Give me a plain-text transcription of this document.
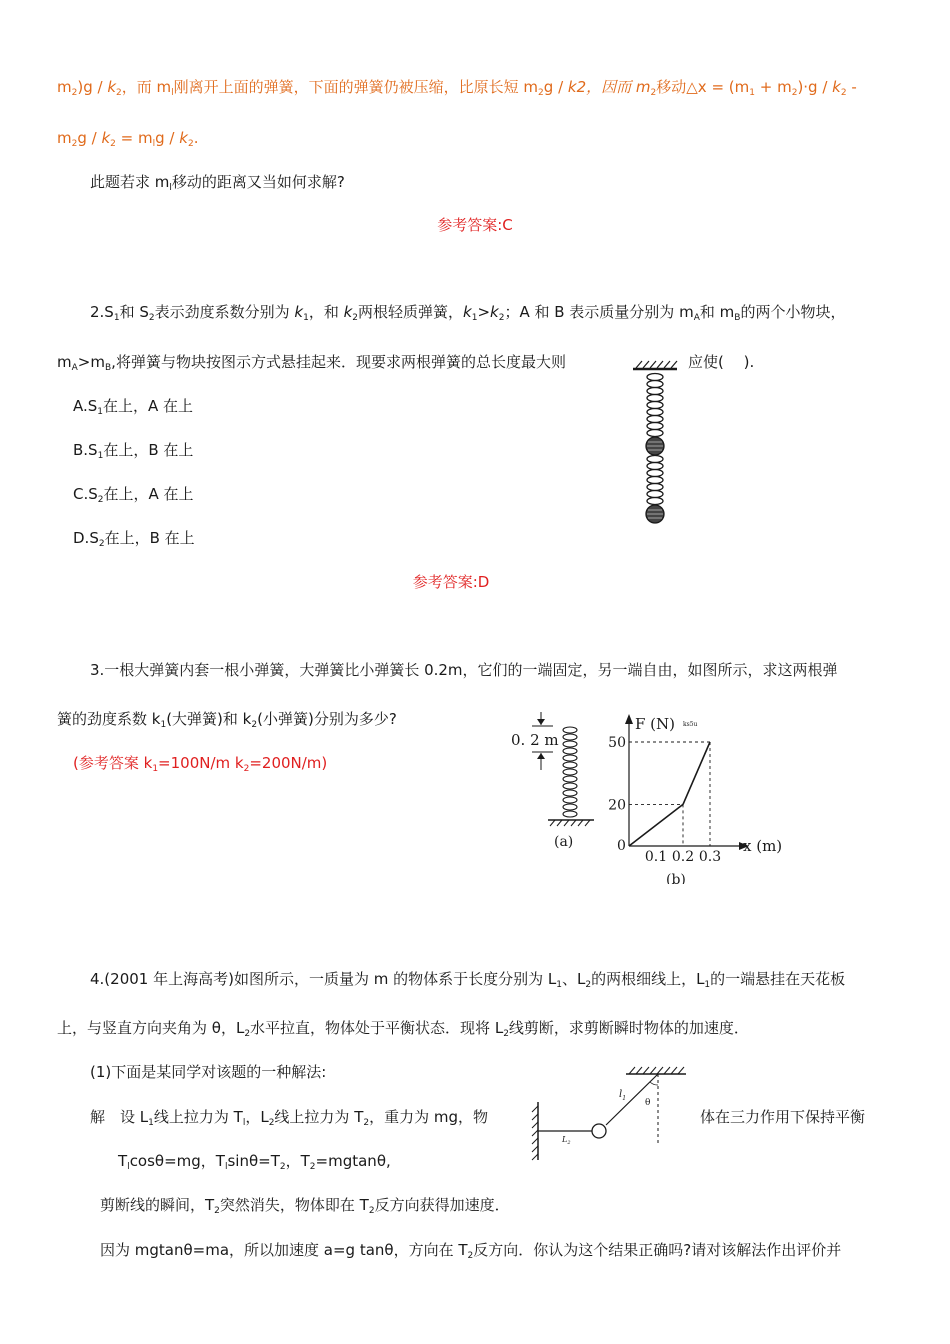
$m_2)g / k_2$，而 $m_l$刚离开上面的弹簧，下面的弹簧仍被压缩，比原长短 $m_2g / k2$，因而 $m_2$移动△x = $(m_1 + m_2)\cdot g / k_2$ -
$m_2g / k_2 = m_lg / k_2$.
此题若求 $m_l$移动的距离又当如何求解?
参考答案:C
$2.S_1$和 $S_2$表示劲度系数分别为 $k_1$，和 $k_2$两根轻质弹簧，$k_1>k_2$；A 和 B 表示质量分别为 $m_A$和 $m_B$的两个小物块，
$m_A>m_B$,将弹簧与物块按图示方式悬挂起来．现要求两根弹簧的总长度最大则	应使(　 ).
$A.S_1$在上，A 在上
$B.S_1$在上，B 在上
$C.S_2$在上，A 在上
$D.S_2$在上，B 在上
参考答案:D
3.一根大弹簧内套一根小弹簧，大弹簧比小弹簧长 0.2m，它们的一端固定，另一端自由，如图所示，求这两根弹
簧的劲度系数 $k_1$(大弹簧)和 $k_2$(小弹簧)分别为多少?
(参考答案 $k_1=100N/m$ $k_2=200N/m$)
0. 2 m
(a)
F (N) ks5u
x (m)
0
(b)
0.1 0.2 0.3
20
50
4.(2001 年上海高考)如图所示，一质量为 m 的物体系于长度分别为 $L_1$、$L_2$的两根细线上，$L_1$的一端悬挂在天花板
上，与竖直方向夹角为 θ，$L_2$水平拉直，物体处于平衡状态．现将 $L_2$线剪断，求剪断瞬时物体的加速度．
(1)下面是某同学对该题的一种解法:
解　设 $L_1$线上拉力为 $T_l$，$L_2$线上拉力为 $T_2$，重力为 mg，物	体在三力作用下保持平衡
$T_l\cos\theta=mg$，$T_l\sin\theta=T_2$，$T_2=mgtan\theta$,
剪断线的瞬间，$T_2$突然消失，物体即在 $T_2$反方向获得加速度．
因为 mgtanθ=ma，所以加速度 a=g tanθ，方向在 $T_2$反方向．你认为这个结果正确吗?请对该解法作出评价并
$l_1$
$L_2$
θ
